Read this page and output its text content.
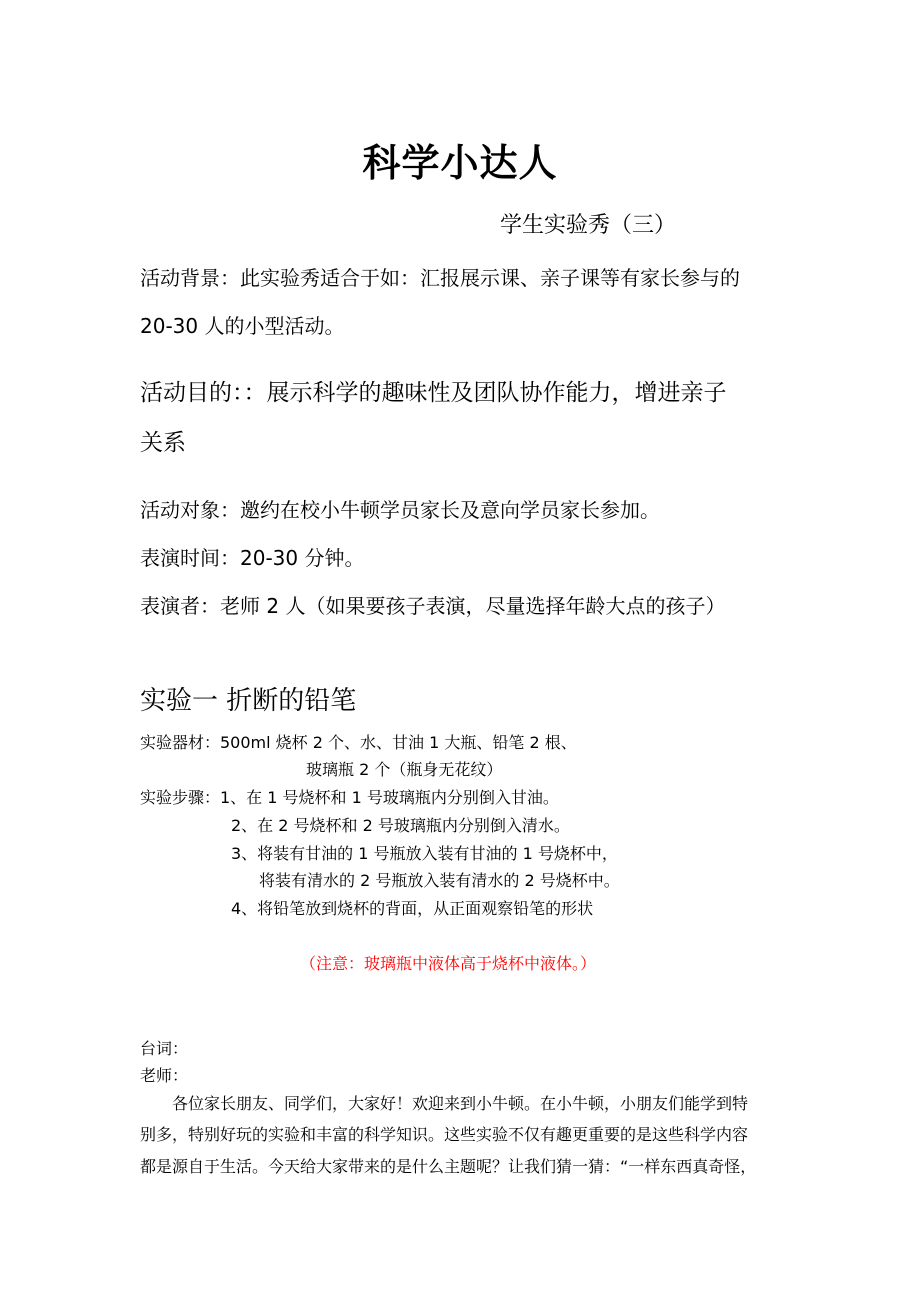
科学小达人
学生实验秀（三）
活动背景：此实验秀适合于如：汇报展示课、亲子课等有家长参与的
20-30 人的小型活动。
活动目的：：展示科学的趣味性及团队协作能力，增进亲子
关系
活动对象：邀约在校小牛顿学员家长及意向学员家长参加。
表演时间：20-30 分钟。
表演者：老师 2 人（如果要孩子表演，尽量选择年龄大点的孩子）
实验一 折断的铅笔
实验器材：500ml 烧杯 2 个、水、甘油 1 大瓶、铅笔 2 根、
玻璃瓶 2 个（瓶身无花纹）
实验步骤：1、在 1 号烧杯和 1 号玻璃瓶内分别倒入甘油。
2、在 2 号烧杯和 2 号玻璃瓶内分别倒入清水。
3、将装有甘油的 1 号瓶放入装有甘油的 1 号烧杯中，
将装有清水的 2 号瓶放入装有清水的 2 号烧杯中。
4、将铅笔放到烧杯的背面，从正面观察铅笔的形状
（注意：玻璃瓶中液体高于烧杯中液体。）
台词：
老师：
各位家长朋友、同学们，大家好！欢迎来到小牛顿。在小牛顿，小朋友们能学到特
别多，特别好玩的实验和丰富的科学知识。这些实验不仅有趣更重要的是这些科学内容
都是源自于生活。今天给大家带来的是什么主题呢？让我们猜一猜：“一样东西真奇怪，
